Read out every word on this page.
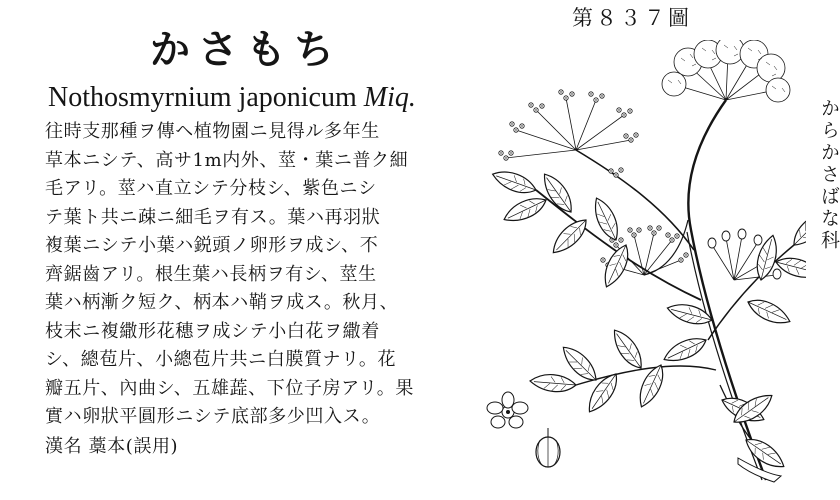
かさもち
Nothosmyrnium japonicum Miq.
往時支那種ヲ傳ヘ植物園ニ見得ル多年生
草本ニシテ、高サ1m内外、莖・葉ニ普ク細
毛アリ。莖ハ直立シテ分枝シ、紫色ニシ
テ葉ト共ニ疎ニ細毛ヲ有ス。葉ハ再羽狀
複葉ニシテ小葉ハ鋭頭ノ卵形ヲ成シ、不
齊鋸齒アリ。根生葉ハ長柄ヲ有シ、莖生
葉ハ柄漸ク短ク、柄本ハ鞘ヲ成ス。秋月、
枝末ニ複繖形花穗ヲ成シテ小白花ヲ繖着
シ、總苞片、小總苞片共ニ白膜質ナリ。花
瓣五片、內曲シ、五雄蕋、下位子房アリ。果
實ハ卵狀平圓形ニシテ底部多少凹入ス。
漢名 藁本(誤用)
第８３７圖
からかさばな科
